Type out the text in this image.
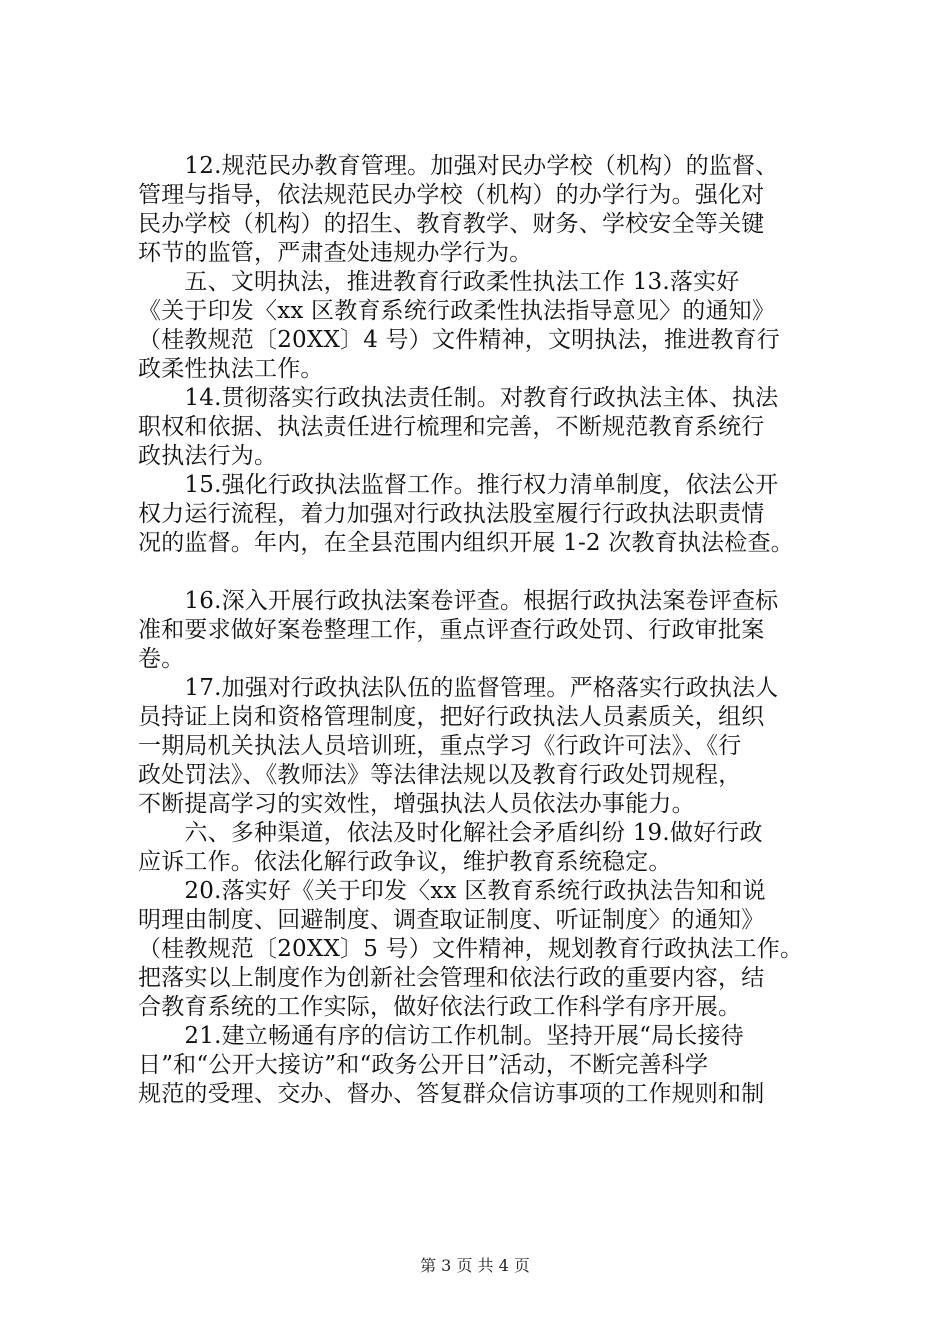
　　12.规范民办教育管理。加强对民办学校（机构）的监督、
管理与指导，依法规范民办学校（机构）的办学行为。强化对
民办学校（机构）的招生、教育教学、财务、学校安全等关键
环节的监管，严肃查处违规办学行为。
　　五、文明执法，推进教育行政柔性执法工作 13.落实好
《关于印发〈xx 区教育系统行政柔性执法指导意见〉的通知》
（桂教规范〔20XX〕4 号）文件精神，文明执法，推进教育行
政柔性执法工作。
　　14.贯彻落实行政执法责任制。对教育行政执法主体、执法
职权和依据、执法责任进行梳理和完善，不断规范教育系统行
政执法行为。
　　15.强化行政执法监督工作。推行权力清单制度，依法公开
权力运行流程，着力加强对行政执法股室履行行政执法职责情
况的监督。年内，在全县范围内组织开展 1-2 次教育执法检查。
　　16.深入开展行政执法案卷评查。根据行政执法案卷评查标
准和要求做好案卷整理工作，重点评查行政处罚、行政审批案
卷。
　　17.加强对行政执法队伍的监督管理。严格落实行政执法人
员持证上岗和资格管理制度，把好行政执法人员素质关，组织
一期局机关执法人员培训班，重点学习《行政许可法》、《行
政处罚法》、《教师法》等法律法规以及教育行政处罚规程，
不断提高学习的实效性，增强执法人员依法办事能力。
　　六、多种渠道，依法及时化解社会矛盾纠纷 19.做好行政
应诉工作。依法化解行政争议，维护教育系统稳定。
　　20.落实好《关于印发〈xx 区教育系统行政执法告知和说
明理由制度、回避制度、调查取证制度、听证制度〉的通知》
（桂教规范〔20XX〕5 号）文件精神，规划教育行政执法工作。
把落实以上制度作为创新社会管理和依法行政的重要内容，结
合教育系统的工作实际，做好依法行政工作科学有序开展。
　　21.建立畅通有序的信访工作机制。坚持开展“局长接待
日”和“公开大接访”和“政务公开日”活动，不断完善科学
规范的受理、交办、督办、答复群众信访事项的工作规则和制
第 3 页 共 4 页
